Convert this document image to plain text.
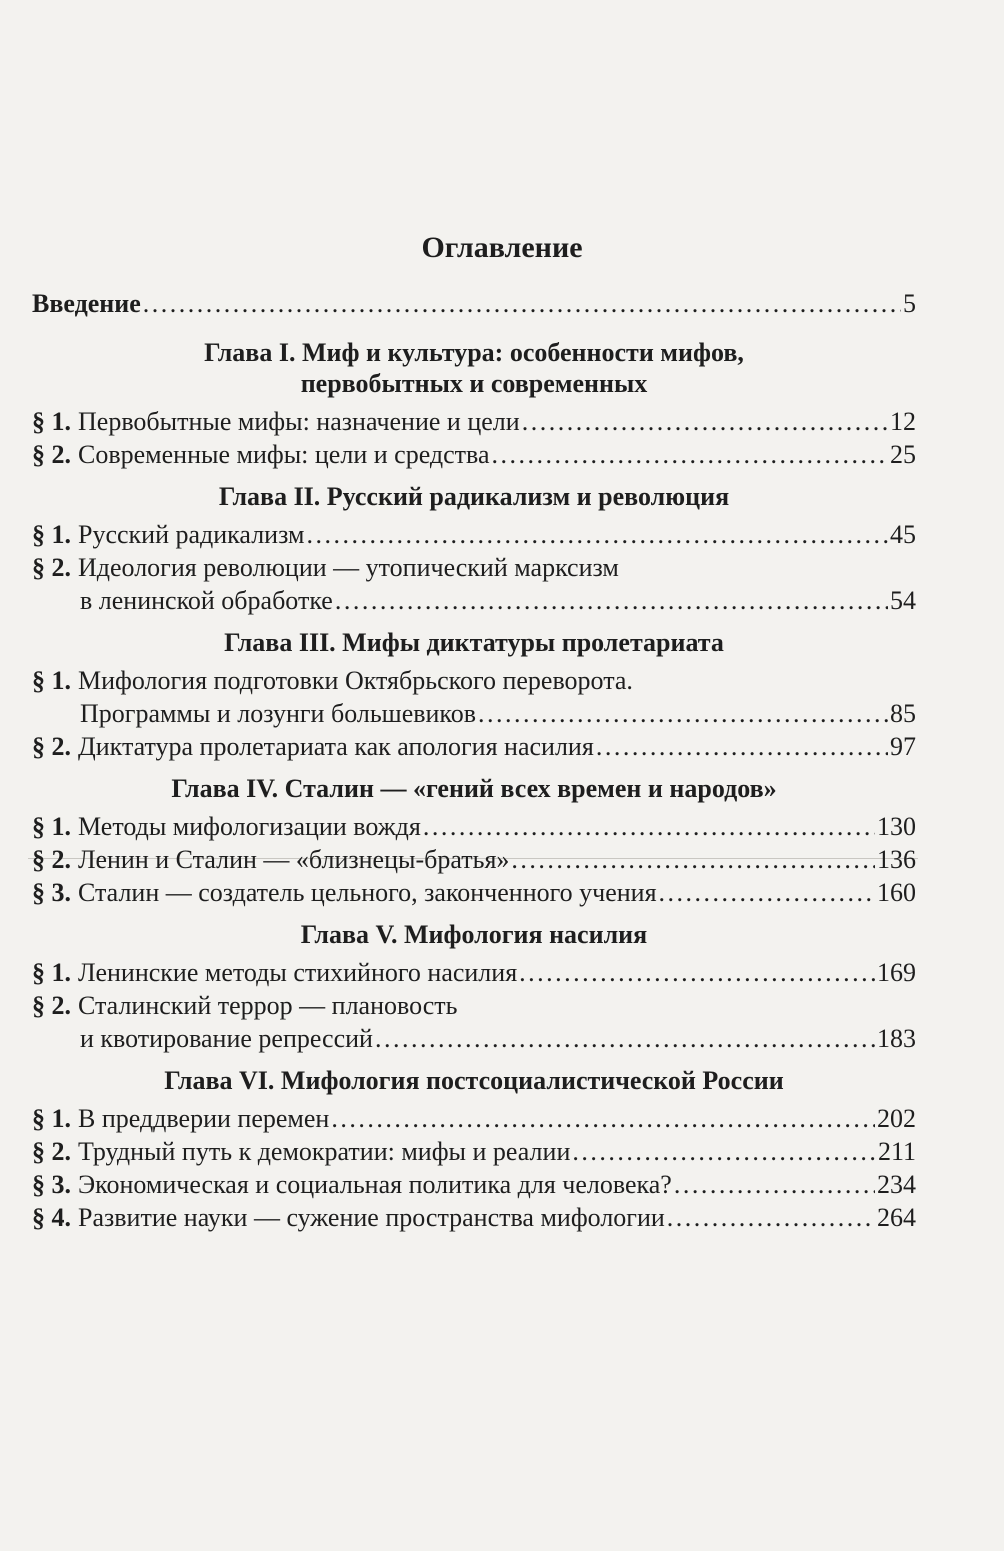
Оглавление
Введение . . .	5
Глава I. Миф и культура: особенности мифов,
первобытных и современных
§ 1. Первобытные мифы: назначение и цели . . .	12
§ 2. Современные мифы: цели и средства . . .	25
Глава II. Русский радикализм и революция
§ 1. Русский радикализм . . .	45
§ 2. Идеология революции — утопический марксизм
в ленинской обработке . . .	54
Глава III. Мифы диктатуры пролетариата
§ 1. Мифология подготовки Октябрьского переворота.
Программы и лозунги большевиков . . .	85
§ 2. Диктатура пролетариата как апология насилия . . .	97
Глава IV. Сталин — «гений всех времен и народов»
§ 1. Методы мифологизации вождя . . .	130
§ 2. Ленин и Сталин — «близнецы-братья» . . .	136
§ 3. Сталин — создатель цельного, законченного учения . . .	160
Глава V. Мифология насилия
§ 1. Ленинские методы стихийного насилия . . .	169
§ 2. Сталинский террор — плановость
и квотирование репрессий . . .	183
Глава VI. Мифология постсоциалистической России
§ 1. В преддверии перемен . . .	202
§ 2. Трудный путь к демократии: мифы и реалии . . .	211
§ 3. Экономическая и социальная политика для человека? . . .	234
§ 4. Развитие науки — сужение пространства мифологии . . .	264
